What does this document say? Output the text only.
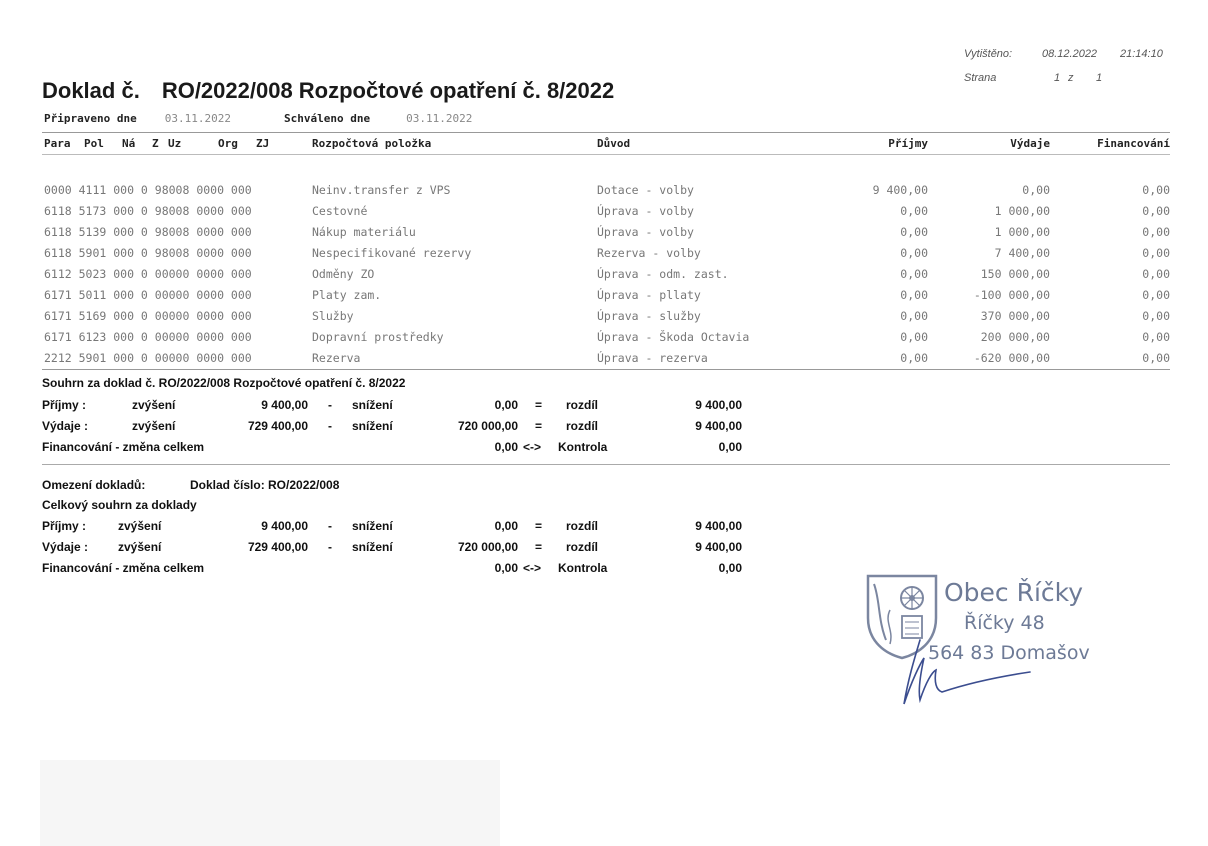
Vytištěno:	08.12.2022 21:14:10
Strana	1 z 1
Doklad č. RO/2022/008 Rozpočtové opatření č. 8/2022
Připraveno dne	03.11.2022	Schváleno dne	03.11.2022
Para Pol Ná Z Uz	Org ZJ	Rozpočtová položka	Důvod	Příjmy	Výdaje	Financování
0000 4111 000 0 98008 0000 000	Neinv.transfer z VPS	Dotace - volby	9 400,00	0,00	0,00
6118 5173 000 0 98008 0000 000	Cestovné	Úprava - volby	0,00	1 000,00	0,00
6118 5139 000 0 98008 0000 000	Nákup materiálu	Úprava - volby	0,00	1 000,00	0,00
6118 5901 000 0 98008 0000 000	Nespecifikované rezervy	Rezerva - volby	0,00	7 400,00	0,00
6112 5023 000 0 00000 0000 000	Odměny ZO	Úprava - odm. zast.	0,00	150 000,00	0,00
6171 5011 000 0 00000 0000 000	Platy zam.	Úprava - pllaty	0,00	-100 000,00	0,00
6171 5169 000 0 00000 0000 000	Služby	Úprava - služby	0,00	370 000,00	0,00
6171 6123 000 0 00000 0000 000	Dopravní prostředky	Úprava - Škoda Octavia	0,00	200 000,00	0,00
2212 5901 000 0 00000 0000 000	Rezerva	Úprava - rezerva	0,00	-620 000,00	0,00
Souhrn za doklad č. RO/2022/008 Rozpočtové opatření č. 8/2022
Příjmy :	zvýšení	9 400,00 - snížení	0,00 = rozdíl	9 400,00
Výdaje :	zvýšení	729 400,00 - snížení	720 000,00 = rozdíl	9 400,00
Financování - změna celkem	0,00 <-> Kontrola	0,00
Omezení dokladů:	Doklad číslo: RO/2022/008
Celkový souhrn za doklady
Příjmy :	zvýšení	9 400,00 - snížení	0,00 = rozdíl	9 400,00
Výdaje : zvýšení	729 400,00 - snížení	720 000,00 = rozdíl	9 400,00
Financování - změna celkem	0,00 <-> Kontrola	0,00
Obec Říčky
Říčky 48
564 83 Domašov
